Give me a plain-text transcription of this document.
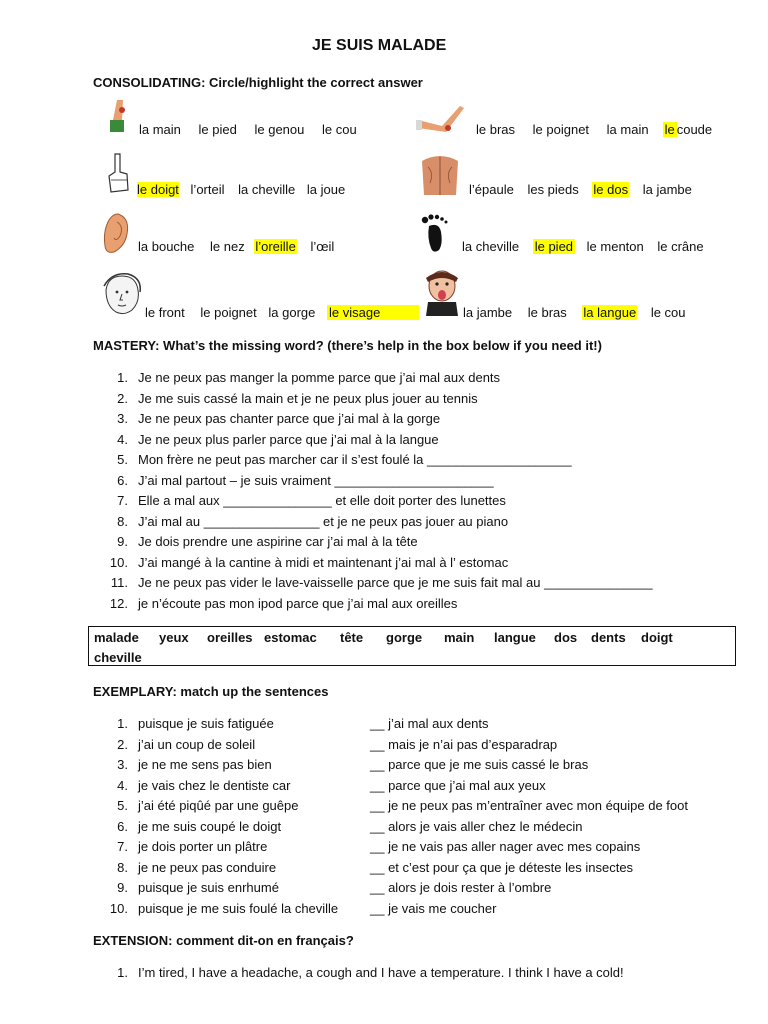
JE SUIS MALADE
CONSOLIDATING: Circle/highlight the correct answer
la main le pied le genou le cou	le bras le poignet la main le coude
le doigt l’orteil la cheville la joue	l’épaule les pieds le dos la jambe
la bouche le nez l’oreille l’œil	la cheville le pied le menton le crâne
le front le poignet la gorge le visage	la jambe le bras la langue le cou
MASTERY: What’s the missing word? (there’s help in the box below if you need it!)
1. Je ne peux pas manger la pomme parce que j’ai mal aux dents
2. Je me suis cassé la main et je ne peux plus jouer au tennis
3. Je ne peux pas chanter parce que j’ai mal à la gorge
4. Je ne peux plus parler parce que j’ai mal à la langue
5. Mon frère ne peut pas marcher car il s’est foulé la ____________________
6. J’ai mal partout – je suis vraiment ______________________
7. Elle a mal aux _______________ et elle doit porter des lunettes
8. J’ai mal au ________________ et je ne peux pas jouer au piano
9. Je dois prendre une aspirine car j’ai mal à la tête
10. J’ai mangé à la cantine à midi et maintenant j’ai mal à l’ estomac
11. Je ne peux pas vider le lave-vaisselle parce que je me suis fait mal au _______________
12. je n’écoute pas mon ipod parce que j’ai mal aux oreilles
malade yeux oreilles estomac tête gorge main langue dos dents doigt
cheville
EXEMPLARY: match up the sentences
1. puisque je suis fatiguée
2. j’ai un coup de soleil
3. je ne me sens pas bien
4. je vais chez le dentiste car
5. j’ai été piqûé par une guêpe
6. je me suis coupé le doigt
7. je dois porter un plâtre
8. je ne peux pas conduire
9. puisque je suis enrhumé
10. puisque je me suis foulé la cheville
__ j’ai mal aux dents
__ mais je n’ai pas d’esparadrap
__ parce que je me suis cassé le bras
__ parce que j’ai mal aux yeux
__ je ne peux pas m’entraîner avec mon équipe de foot
__ alors je vais aller chez le médecin
__ je ne vais pas aller nager avec mes copains
__ et c’est pour ça que je déteste les insectes
__ alors je dois rester à l’ombre
__ je vais me coucher
EXTENSION: comment dit-on en français?
1. I’m tired, I have a headache, a cough and I have a temperature. I think I have a cold!
